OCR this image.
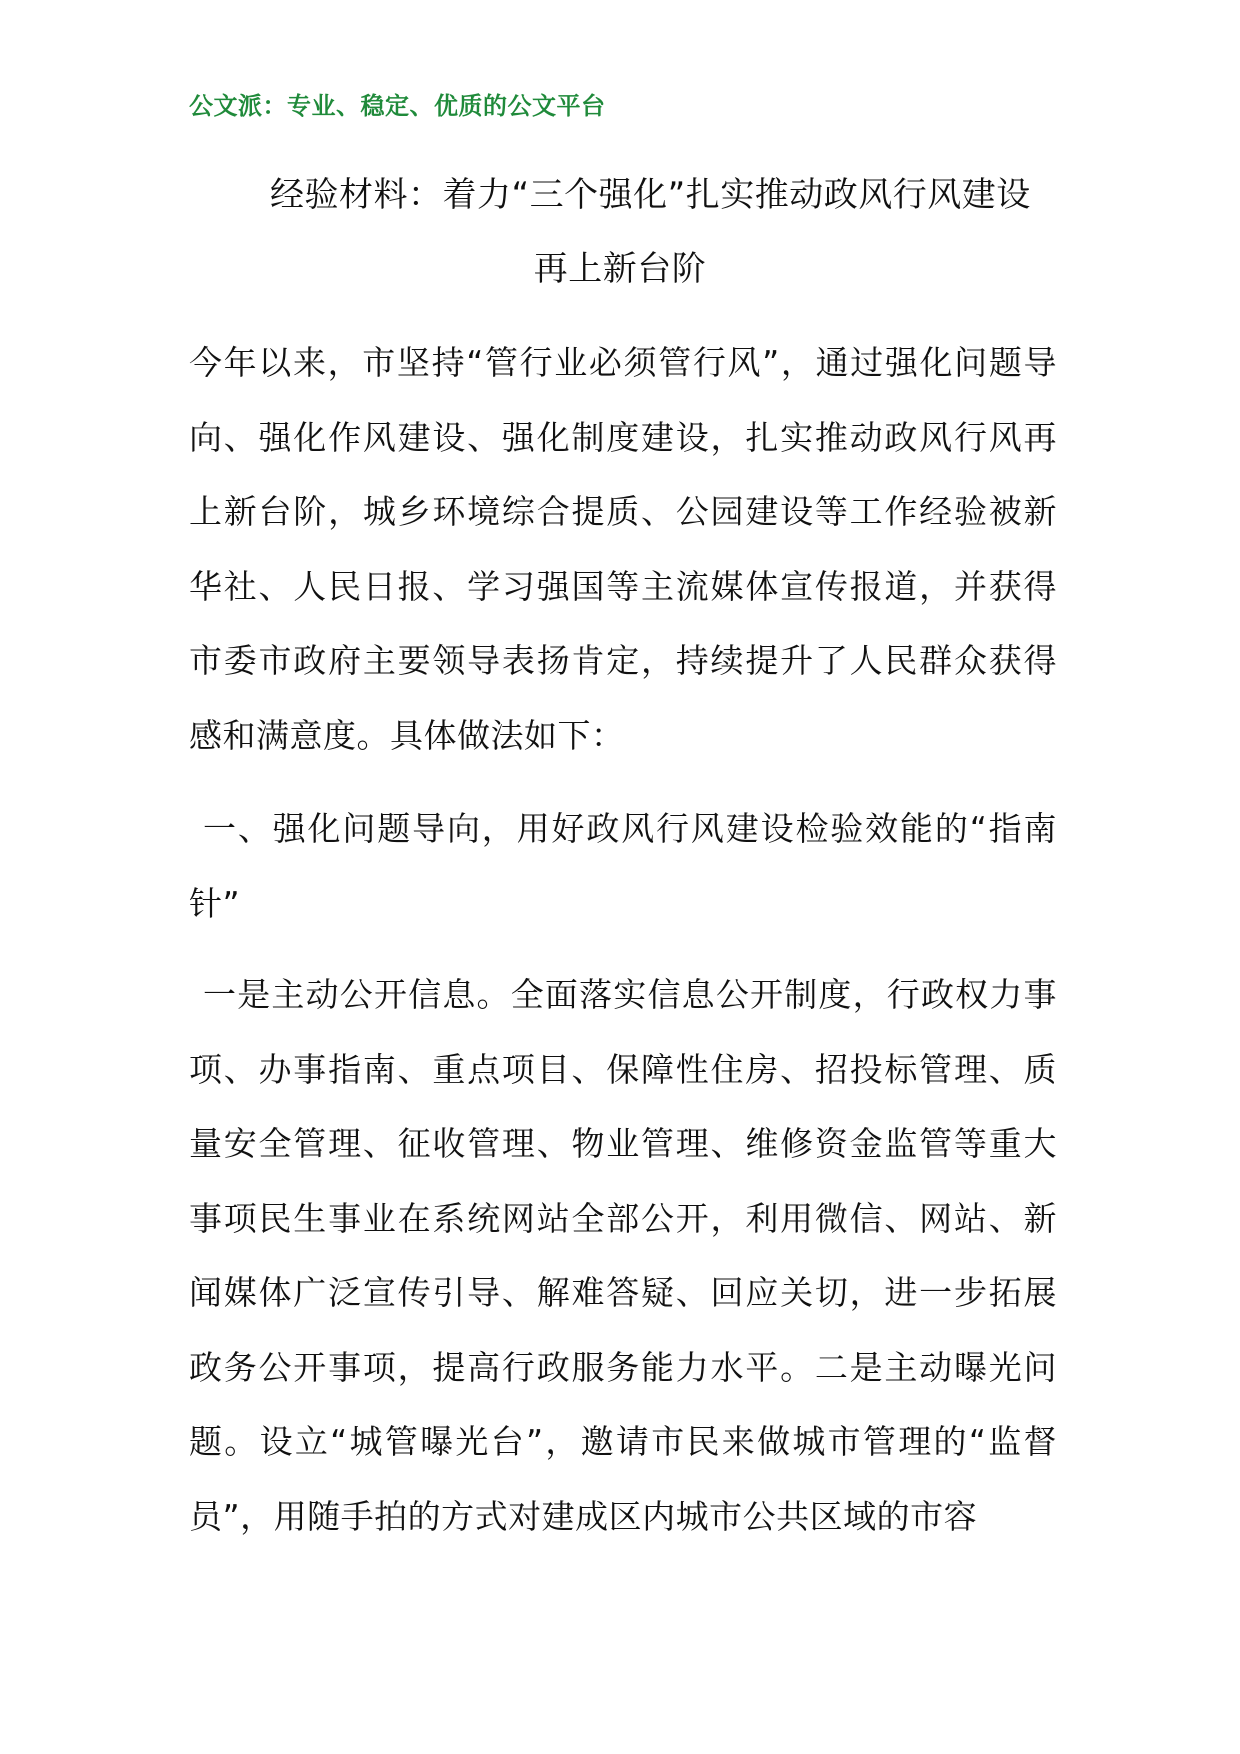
公文派：专业、稳定、优质的公文平台
经验材料：着力“三个强化”扎实推动政风行风建设
再上新台阶
今年以来，市坚持“管行业必须管行风”，通过强化问题导向、强化作风建设、强化制度建设，扎实推动政风行风再上新台阶，城乡环境综合提质、公园建设等工作经验被新华社、人民日报、学习强国等主流媒体宣传报道，并获得市委市政府主要领导表扬肯定，持续提升了人民群众获得感和满意度。具体做法如下：
一、强化问题导向，用好政风行风建设检验效能的“指南针”
一是主动公开信息。全面落实信息公开制度，行政权力事项、办事指南、重点项目、保障性住房、招投标管理、质量安全管理、征收管理、物业管理、维修资金监管等重大事项民生事业在系统网站全部公开，利用微信、网站、新闻媒体广泛宣传引导、解难答疑、回应关切，进一步拓展政务公开事项，提高行政服务能力水平。二是主动曝光问题。设立“城管曝光台”，邀请市民来做城市管理的“监督员”，用随手拍的方式对建成区内城市公共区域的市容
